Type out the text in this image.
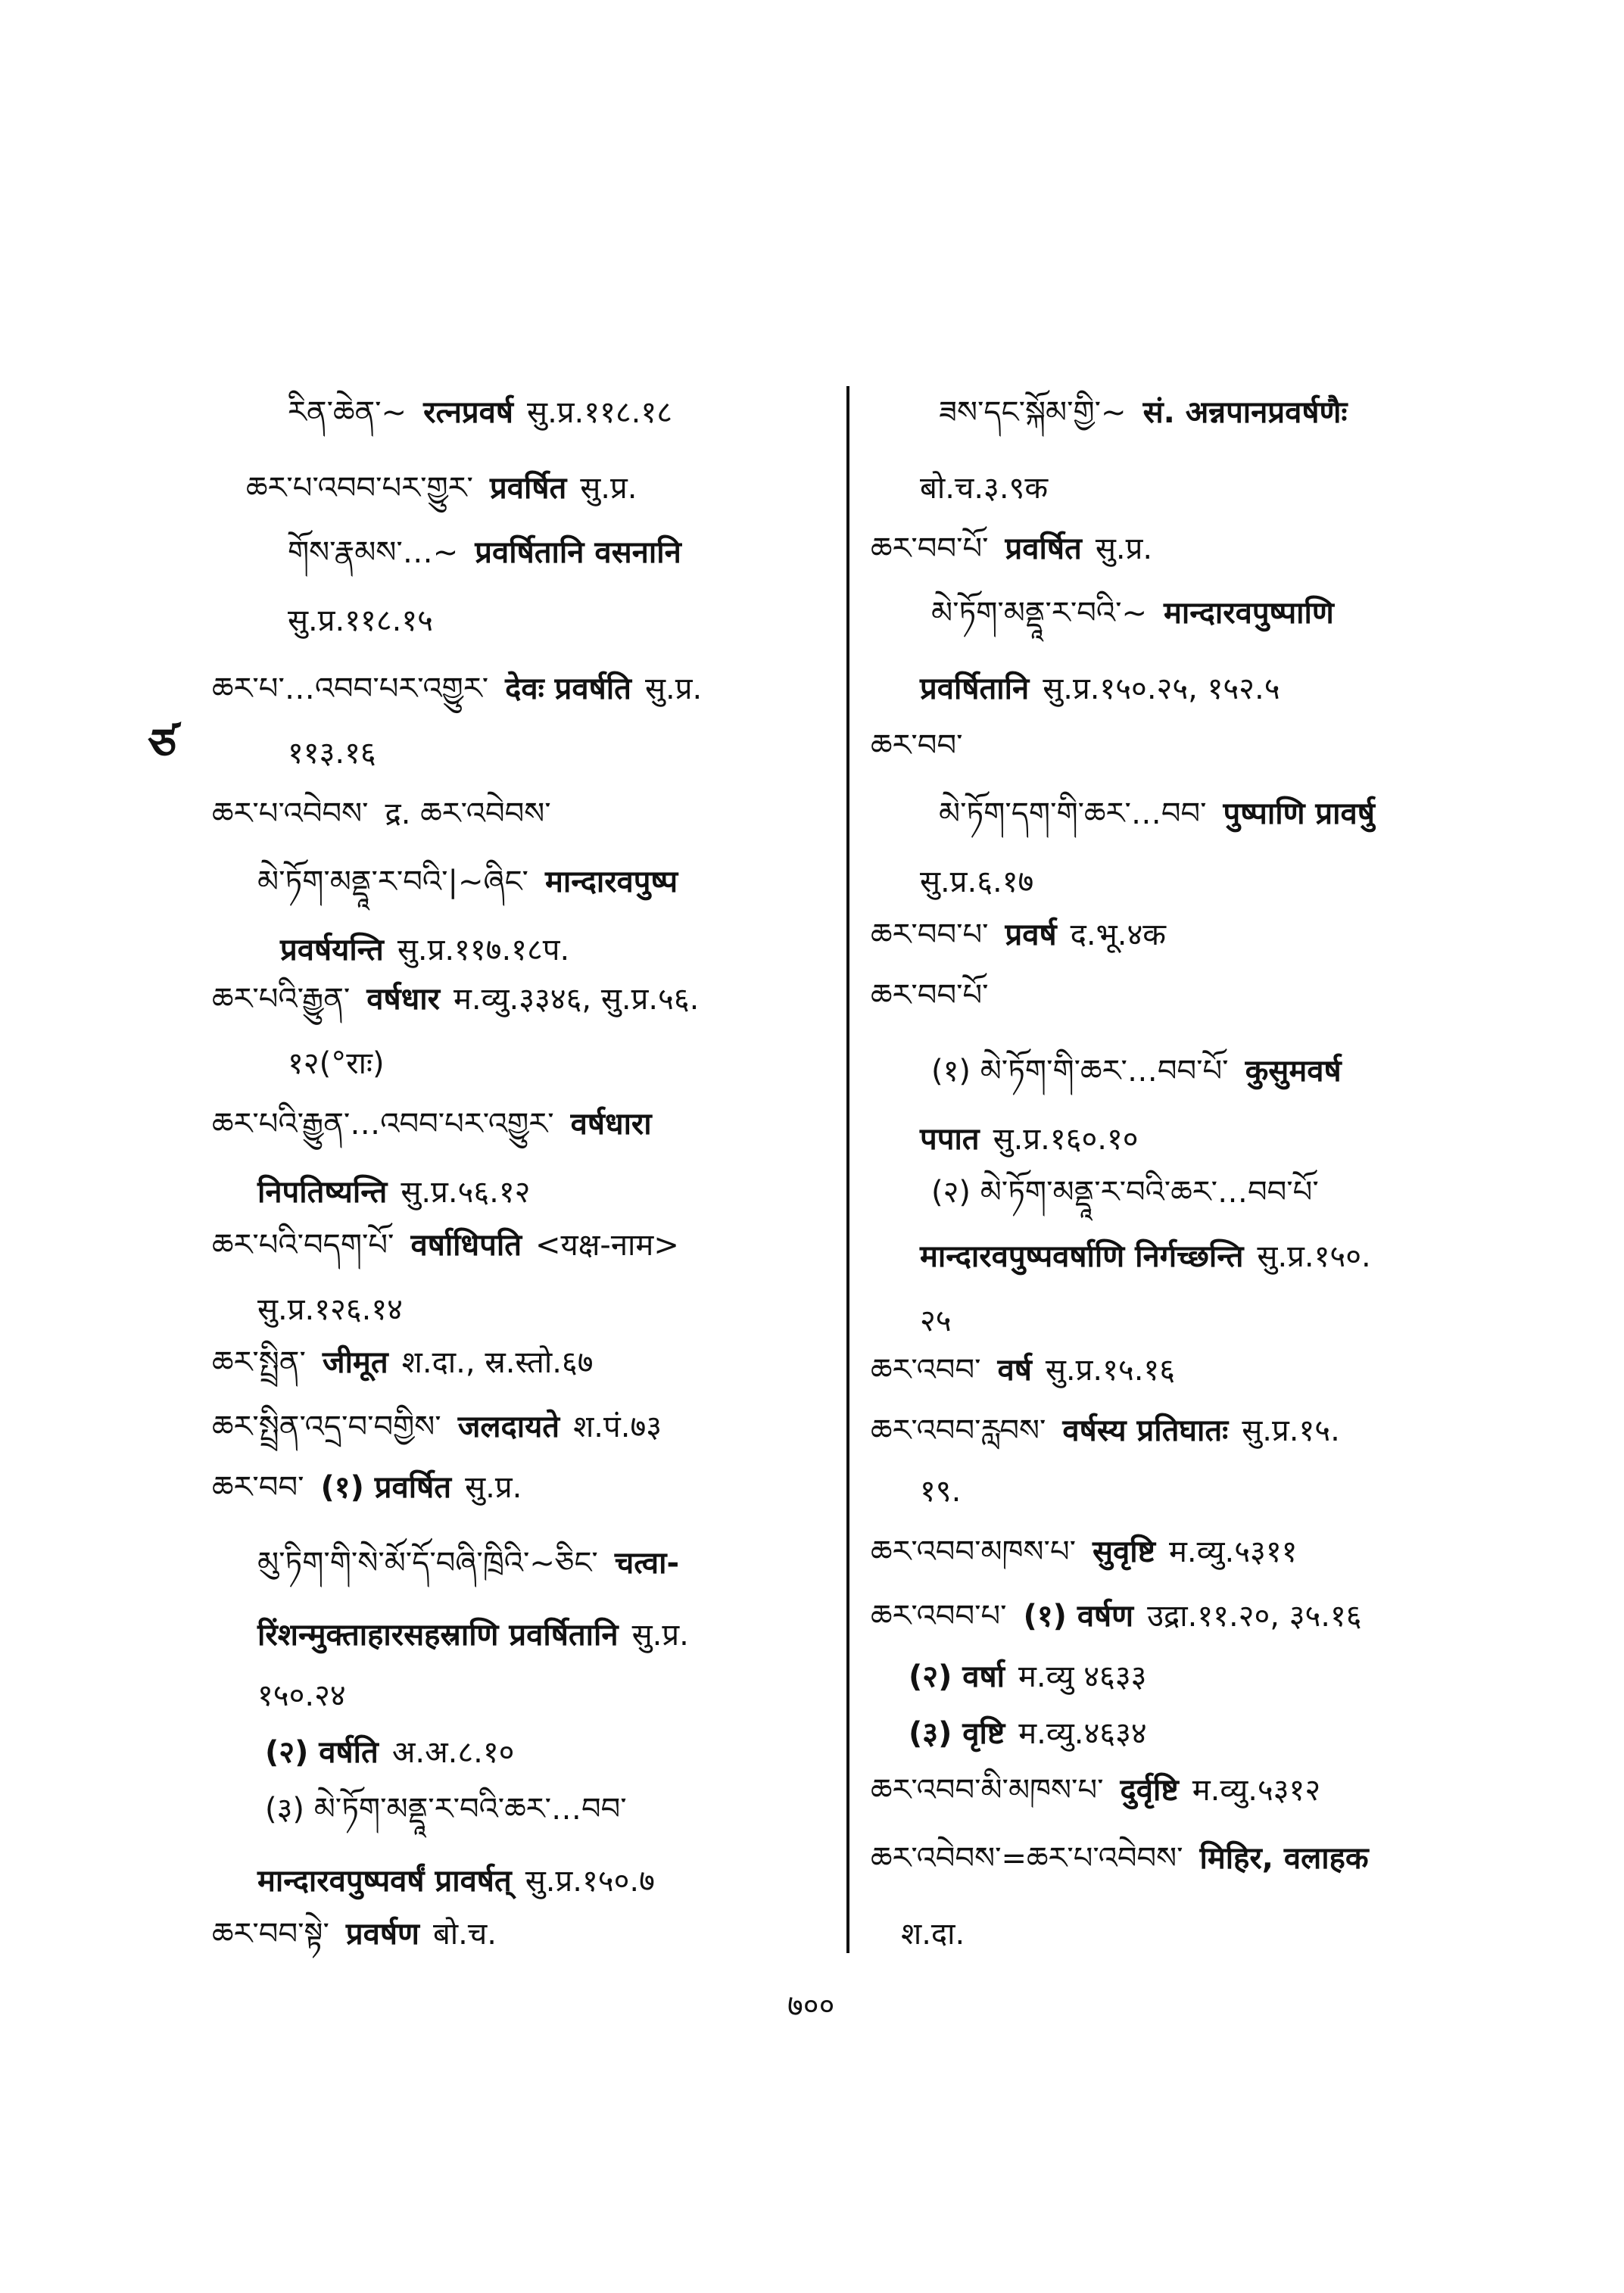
ཙ
རིན་ཆེན་~ रत्नप्रवर्ष सु.प्र.११८.१८
ཆར་པ་འབབ་པར་གྱུར་ प्रवर्षित सु.प्र.
གོས་རྣམས་…~ प्रवर्षितानि वसनानि
सु.प्र.११८.१५
ཆར་པ་…འབབ་པར་འགྱུར་ देवः प्रवर्षति सु.प्र.
११३.१६
ཆར་པ་འབེབས་ द्र. ཆར་འབེབས་
མེ་ཏོག་མནྡཱ་ར་བའི་|~ཞིང་ मान्दारवपुष्प
प्रवर्षयन्ति सु.प्र.११७.१८प.
ཆར་པའི་རྒྱུན་ वर्षधार म.व्यु.३३४६, सु.प्र.५६.
१२(°राः)
ཆར་པའི་རྒྱུན་…འབབ་པར་འགྱུར་ वर्षधारा
निपतिष्यन्ति सु.प्र.५६.१२
ཆར་པའི་བདག་པོ་ वर्षाधिपति <यक्ष-नाम>
सु.प्र.१२६.१४
ཆར་སྤྲིན་ जीमूत श.दा., स्र.स्तो.६७
ཆར་སྤྲིན་འདྲ་བ་བགྱིས་ जलदायते श.पं.७३
ཆར་བབ་ (१) प्रवर्षित सु.प्र.
མུ་ཏིག་གི་སེ་མོ་དོ་བཞི་ཁྲིའི་~ཅིང་ चत्वा-
रिंशन्मुक्ताहारसहस्राणि प्रवर्षितानि सु.प्र.
१५०.२४
(२) वर्षति अ.अ.८.१०
(३) མེ་ཏོག་མནྡཱ་ར་བའི་ཆར་…བབ་
मान्दारवपुष्पवर्षं प्रावर्षत् सु.प्र.१५०.७
ཆར་བབ་སྟེ་ प्रवर्षण बो.च.
ཟས་དང་སྐོམ་གྱི་~ सं. अन्नपानप्रवर्षणैः
बो.च.३.९क
ཆར་བབ་པོ་ प्रवर्षित सु.प्र.
མེ་ཏོག་མནྡཱ་ར་བའི་~ मान्दारवपुष्पाणि
प्रवर्षितानि सु.प्र.१५०.२५, १५२.५
ཆར་བབ་
མེ་ཏོག་དག་གི་ཆར་…བབ་ पुष्पाणि प्रावर्षु
सु.प्र.६.१७
ཆར་བབ་པ་ प्रवर्ष द.भू.४क
ཆར་བབ་པོ་
(१) མེ་ཏོག་གི་ཆར་…བབ་པོ་ कुसुमवर्ष
पपात सु.प्र.१६०.१०
(२) མེ་ཏོག་མནྡཱ་ར་བའི་ཆར་…བབ་པོ་
मान्दारवपुष्पवर्षाणि निर्गच्छन्ति सु.प्र.१५०.
२५
ཆར་འབབ་ वर्ष सु.प्र.१५.१६
ཆར་འབབ་རླབས་ वर्षस्य प्रतिघातः सु.प्र.१५.
१९.
ཆར་འབབ་མཁས་པ་ सुवृष्टि म.व्यु.५३११
ཆར་འབབ་པ་ (१) वर्षण उद्रा.११.२०, ३५.१६
(२) वर्षा म.व्यु ४६३३
(३) वृष्टि म.व्यु.४६३४
ཆར་འབབ་མི་མཁས་པ་ दुर्वृष्टि म.व्यु.५३१२
ཆར་འབེབས་=ཆར་པ་འབེབས་ मिहिर, वलाहक
श.दा.
७००
